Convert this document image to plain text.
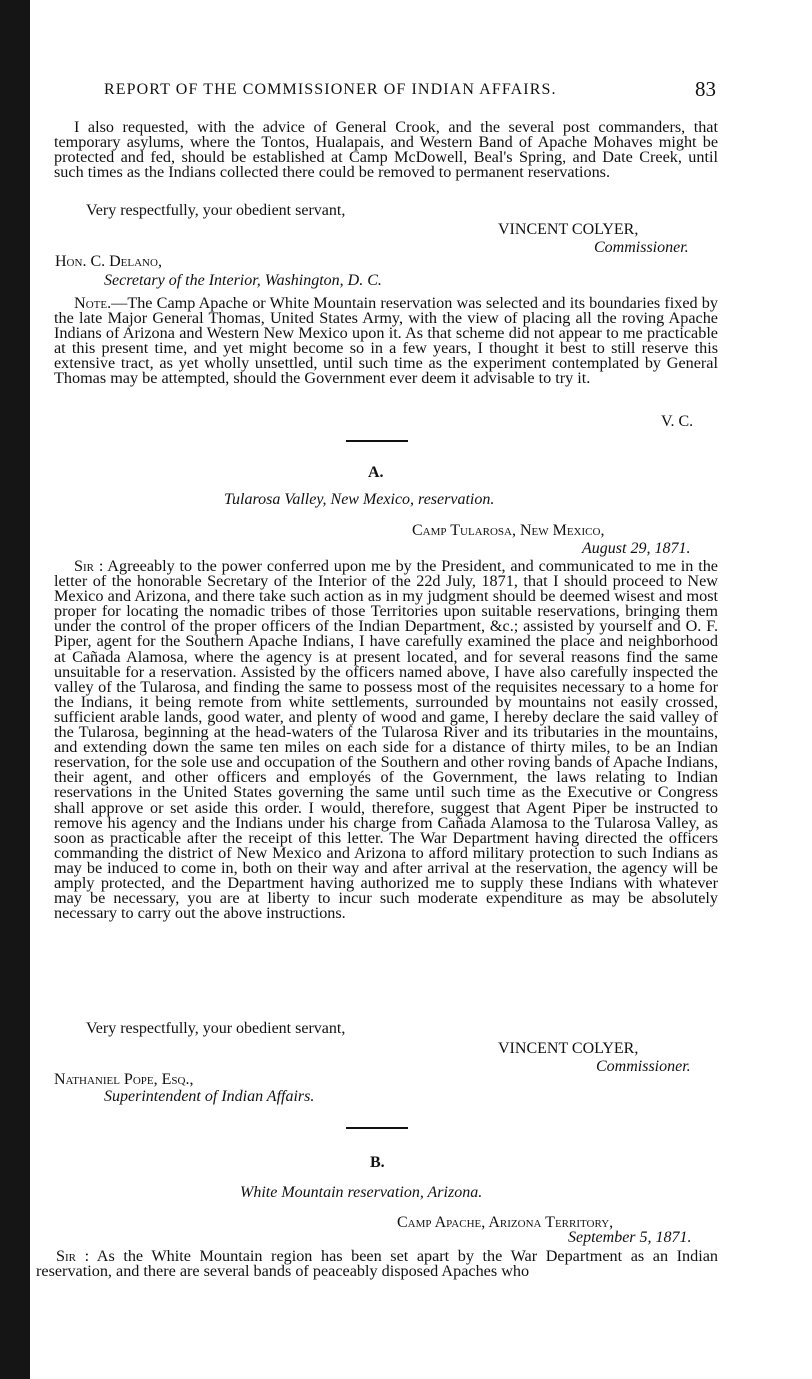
REPORT OF THE COMMISSIONER OF INDIAN AFFAIRS.	83

I also requested, with the advice of General Crook, and the several post commanders, that temporary asylums, where the Tontos, Hualapais, and Western Band of Apache Mohaves might be protected and fed, should be established at Camp McDowell, Beal's Spring, and Date Creek, until such times as the Indians collected there could be removed to permanent reservations.

Very respectfully, your obedient servant,
VINCENT COLYER,
Commissioner.
Hon. C. Delano,
Secretary of the Interior, Washington, D. C.

Note.—The Camp Apache or White Mountain reservation was selected and its boundaries fixed by the late Major General Thomas, United States Army, with the view of placing all the roving Apache Indians of Arizona and Western New Mexico upon it. As that scheme did not appear to me practicable at this present time, and yet might become so in a few years, I thought it best to still reserve this extensive tract, as yet wholly unsettled, until such time as the experiment contemplated by General Thomas may be attempted, should the Government ever deem it advisable to try it.

V. C.
A.
Tularosa Valley, New Mexico, reservation.
Camp Tularosa, New Mexico,
August 29, 1871.

Sir : Agreeably to the power conferred upon me by the President, and communicated to me in the letter of the honorable Secretary of the Interior of the 22d July, 1871, that I should proceed to New Mexico and Arizona, and there take such action as in my judgment should be deemed wisest and most proper for locating the nomadic tribes of those Territories upon suitable reservations, bringing them under the control of the proper officers of the Indian Department, &c.; assisted by yourself and O. F. Piper, agent for the Southern Apache Indians, I have carefully examined the place and neighborhood at Cañada Alamosa, where the agency is at present located, and for several reasons find the same unsuitable for a reservation. Assisted by the officers named above, I have also carefully inspected the valley of the Tularosa, and finding the same to possess most of the requisites necessary to a home for the Indians, it being remote from white settlements, surrounded by mountains not easily crossed, sufficient arable lands, good water, and plenty of wood and game, I hereby declare the said valley of the Tularosa, beginning at the head-waters of the Tularosa River and its tributaries in the mountains, and extending down the same ten miles on each side for a distance of thirty miles, to be an Indian reservation, for the sole use and occupation of the Southern and other roving bands of Apache Indians, their agent, and other officers and employés of the Government, the laws relating to Indian reservations in the United States governing the same until such time as the Executive or Congress shall approve or set aside this order. I would, therefore, suggest that Agent Piper be instructed to remove his agency and the Indians under his charge from Cañada Alamosa to the Tularosa Valley, as soon as practicable after the receipt of this letter. The War Department having directed the officers commanding the district of New Mexico and Arizona to afford military protection to such Indians as may be induced to come in, both on their way and after arrival at the reservation, the agency will be amply protected, and the Department having authorized me to supply these Indians with whatever may be necessary, you are at liberty to incur such moderate expenditure as may be absolutely necessary to carry out the above instructions.

Very respectfully, your obedient servant,
VINCENT COLYER,
Commissioner.
Nathaniel Pope, Esq.,
Superintendent of Indian Affairs.
B.
White Mountain reservation, Arizona.
Camp Apache, Arizona Territory,
September 5, 1871.

Sir : As the White Mountain region has been set apart by the War Department as an Indian reservation, and there are several bands of peaceably disposed Apaches who
